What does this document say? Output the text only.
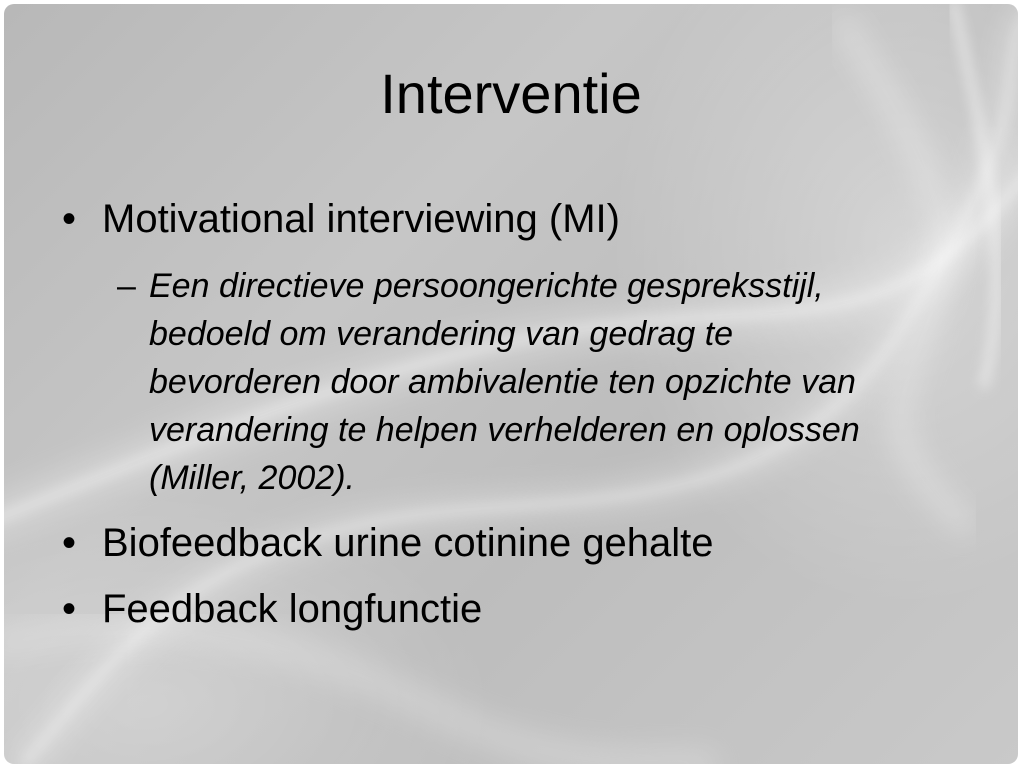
Interventie
• Motivational interviewing (MI)
– Een directieve persoongerichte gespreksstijl, bedoeld om verandering van gedrag te bevorderen door ambivalentie ten opzichte van verandering te helpen verhelderen en oplossen (Miller, 2002).
• Biofeedback urine cotinine gehalte
• Feedback longfunctie
